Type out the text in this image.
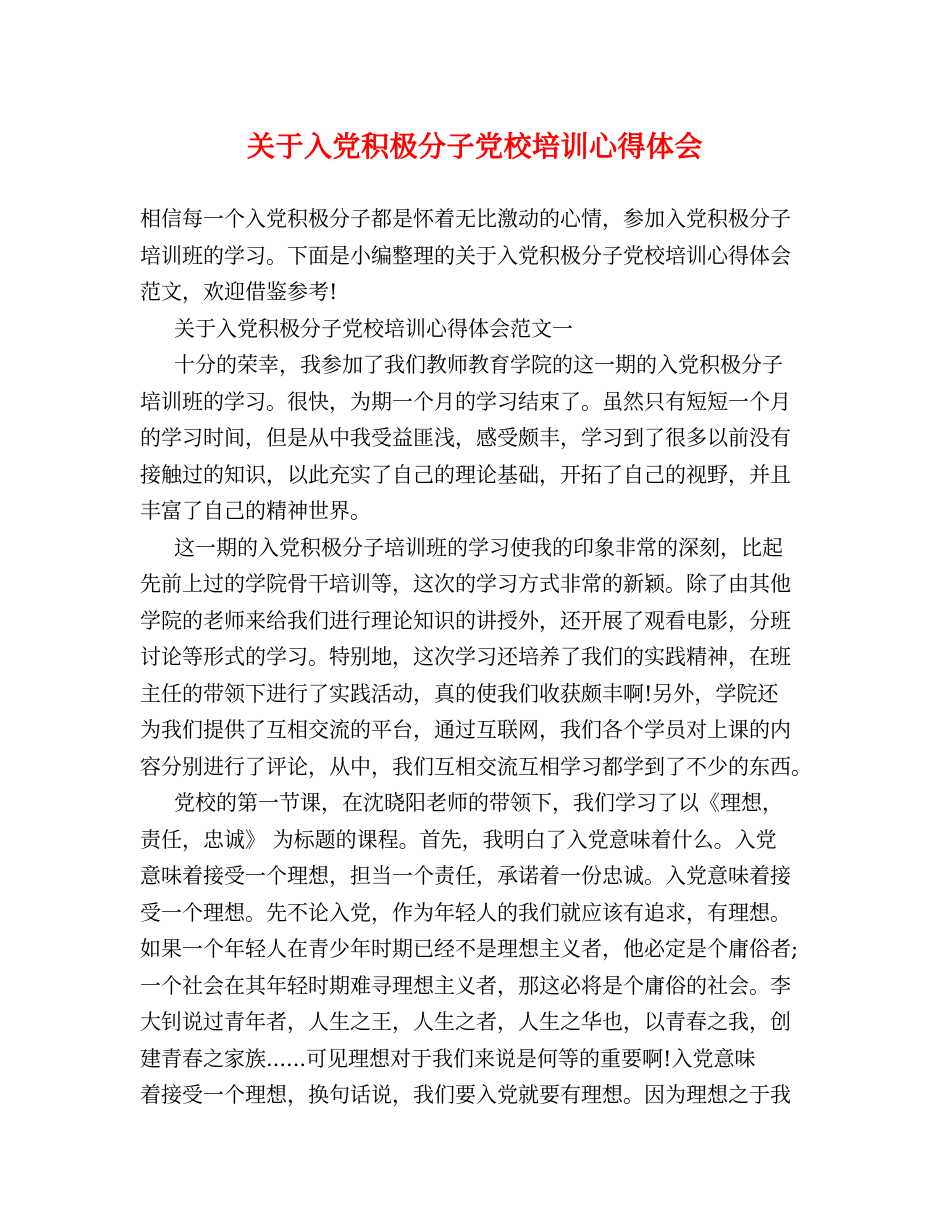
关于入党积极分子党校培训心得体会
相信每一个入党积极分子都是怀着无比激动的心情，参加入党积极分子
培训班的学习。下面是小编整理的关于入党积极分子党校培训心得体会
范文，欢迎借鉴参考!
关于入党积极分子党校培训心得体会范文一
十分的荣幸，我参加了我们教师教育学院的这一期的入党积极分子
培训班的学习。很快，为期一个月的学习结束了。虽然只有短短一个月
的学习时间，但是从中我受益匪浅，感受颇丰，学习到了很多以前没有
接触过的知识，以此充实了自己的理论基础，开拓了自己的视野，并且
丰富了自己的精神世界。
这一期的入党积极分子培训班的学习使我的印象非常的深刻，比起
先前上过的学院骨干培训等，这次的学习方式非常的新颖。除了由其他
学院的老师来给我们进行理论知识的讲授外，还开展了观看电影，分班
讨论等形式的学习。特别地，这次学习还培养了我们的实践精神，在班
主任的带领下进行了实践活动，真的使我们收获颇丰啊!另外，学院还
为我们提供了互相交流的平台，通过互联网，我们各个学员对上课的内
容分别进行了评论，从中，我们互相交流互相学习都学到了不少的东西。
党校的第一节课，在沈晓阳老师的带领下，我们学习了以《理想，
责任，忠诚》 为标题的课程。首先，我明白了入党意味着什么。入党
意味着接受一个理想，担当一个责任，承诺着一份忠诚。入党意味着接
受一个理想。先不论入党，作为年轻人的我们就应该有追求，有理想。
如果一个年轻人在青少年时期已经不是理想主义者，他必定是个庸俗者;
一个社会在其年轻时期难寻理想主义者，那这必将是个庸俗的社会。李
大钊说过青年者，人生之王，人生之者，人生之华也，以青春之我，创
建青春之家族......可见理想对于我们来说是何等的重要啊!入党意味
着接受一个理想，换句话说，我们要入党就要有理想。因为理想之于我
